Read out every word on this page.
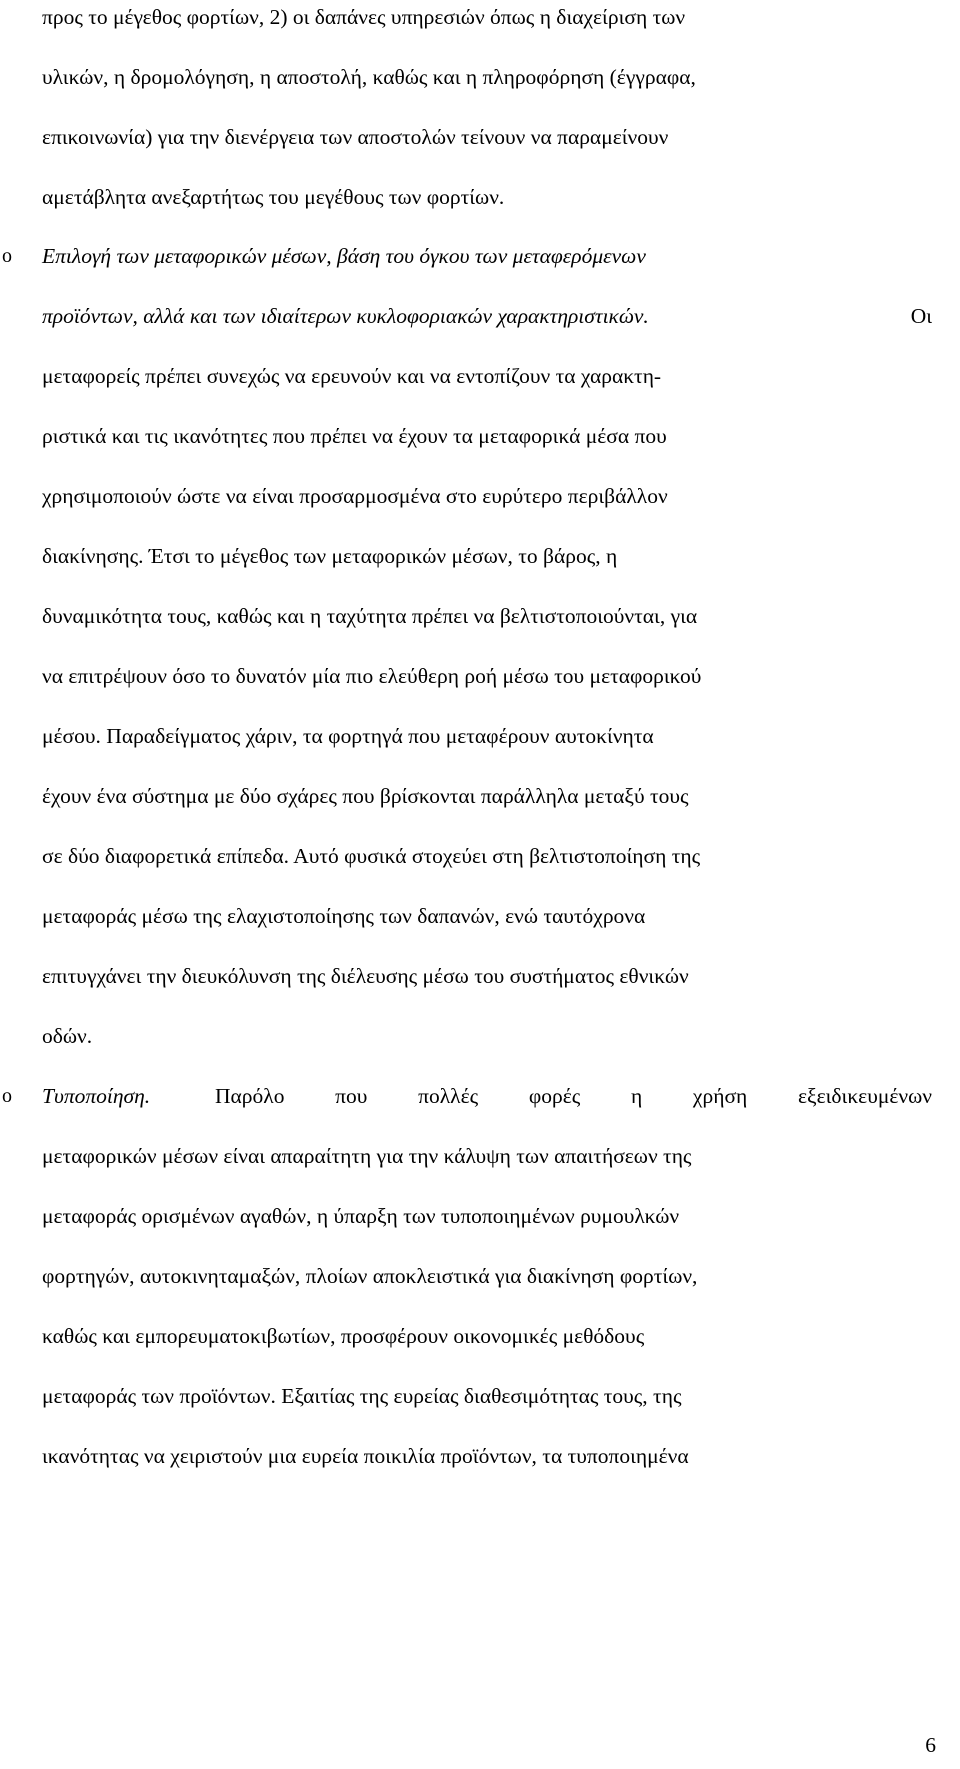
προς το μέγεθος φορτίων, 2) οι δαπάνες υπηρεσιών όπως η διαχείριση των
υλικών, η δρομολόγηση, η αποστολή, καθώς και η πληροφόρηση (έγγραφα,
επικοινωνία) για την διενέργεια των αποστολών τείνουν να παραμείνουν
αμετάβλητα ανεξαρτήτως του μεγέθους των φορτίων.
o Επιλογή των μεταφορικών μέσων, βάση του όγκου των μεταφερόμενων
προϊόντων, αλλά και των ιδιαίτερων κυκλοφοριακών χαρακτηριστικών.	Οι
μεταφορείς πρέπει συνεχώς να ερευνούν και να εντοπίζουν τα χαρακτη-
ριστικά και τις ικανότητες που πρέπει να έχουν τα μεταφορικά μέσα που
χρησιμοποιούν ώστε να είναι προσαρμοσμένα στο ευρύτερο περιβάλλον
διακίνησης. Έτσι το μέγεθος των μεταφορικών μέσων, το βάρος, η
δυναμικότητα τους, καθώς και η ταχύτητα πρέπει να βελτιστοποιούνται, για
να επιτρέψουν όσο το δυνατόν μία πιο ελεύθερη ροή μέσω του μεταφορικού
μέσου. Παραδείγματος χάριν, τα φορτηγά που μεταφέρουν αυτοκίνητα
έχουν ένα σύστημα με δύο σχάρες που βρίσκονται παράλληλα μεταξύ τους
σε δύο διαφορετικά επίπεδα. Αυτό φυσικά στοχεύει στη βελτιστοποίηση της
μεταφοράς μέσω της ελαχιστοποίησης των δαπανών, ενώ ταυτόχρονα
επιτυγχάνει την διευκόλυνση της διέλευσης μέσω του συστήματος εθνικών
οδών.
o Τυποποίηση.	Παρόλο που πολλές φορές η χρήση εξειδικευμένων
μεταφορικών μέσων είναι απαραίτητη για την κάλυψη των απαιτήσεων της
μεταφοράς ορισμένων αγαθών, η ύπαρξη των τυποποιημένων ρυμουλκών
φορτηγών, αυτοκινηταμαξών, πλοίων αποκλειστικά για διακίνηση φορτίων,
καθώς και εμπορευματοκιβωτίων, προσφέρουν οικονομικές μεθόδους
μεταφοράς των προϊόντων. Εξαιτίας της ευρείας διαθεσιμότητας τους, της
ικανότητας να χειριστούν μια ευρεία ποικιλία προϊόντων, τα τυποποιημένα
6
